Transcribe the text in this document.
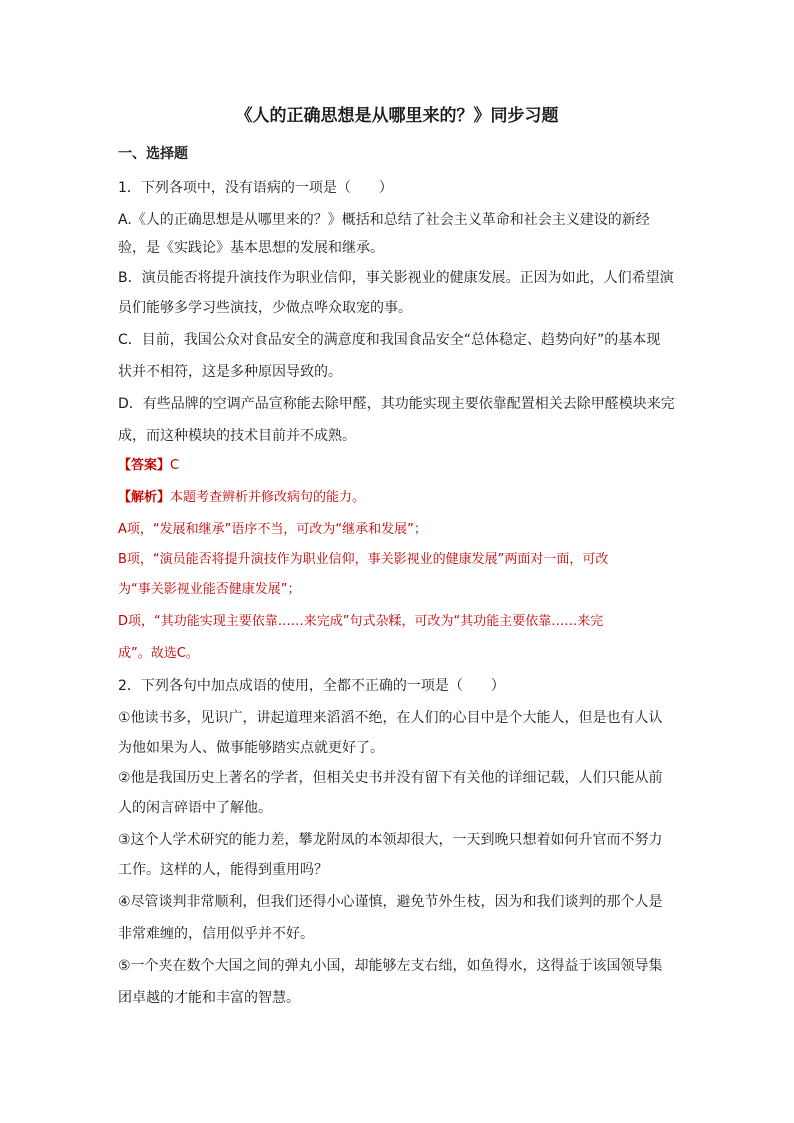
《人的正确思想是从哪里来的？》同步习题

一、选择题

1．下列各项中，没有语病的一项是（　　）

A.《人的正确思想是从哪里来的？》概括和总结了社会主义革命和社会主义建设的新经

验，是《实践论》基本思想的发展和继承。

B．演员能否将提升演技作为职业信仰，事关影视业的健康发展。正因为如此，人们希望演

员们能够多学习些演技，少做点哗众取宠的事。

C．目前，我国公众对食品安全的满意度和我国食品安全“总体稳定、趋势向好”的基本现

状并不相符，这是多种原因导致的。

D．有些品牌的空调产品宣称能去除甲醛，其功能实现主要依靠配置相关去除甲醛模块来完

成，而这种模块的技术目前并不成熟。

【答案】C

【解析】本题考查辨析并修改病句的能力。

A项，“发展和继承”语序不当，可改为“继承和发展”；

B项，“演员能否将提升演技作为职业信仰，事关影视业的健康发展”两面对一面，可改

为“事关影视业能否健康发展”；

D项，“其功能实现主要依靠……来完成”句式杂糅，可改为“其功能主要依靠……来完

成”。故选C。

2．下列各句中加点成语的使用，全都不正确的一项是（　　）

①他读书多，见识广，讲起道理来滔滔不绝，在人们的心目中是个大能人，但是也有人认

为他如果为人、做事能够踏实点就更好了。

②他是我国历史上著名的学者，但相关史书并没有留下有关他的详细记载，人们只能从前

人的闲言碎语中了解他。

③这个人学术研究的能力差，攀龙附凤的本领却很大，一天到晚只想着如何升官而不努力

工作。这样的人，能得到重用吗？

④尽管谈判非常顺利，但我们还得小心谨慎，避免节外生枝，因为和我们谈判的那个人是

非常难缠的，信用似乎并不好。

⑤一个夹在数个大国之间的弹丸小国，却能够左支右绌，如鱼得水，这得益于该国领导集

团卓越的才能和丰富的智慧。
